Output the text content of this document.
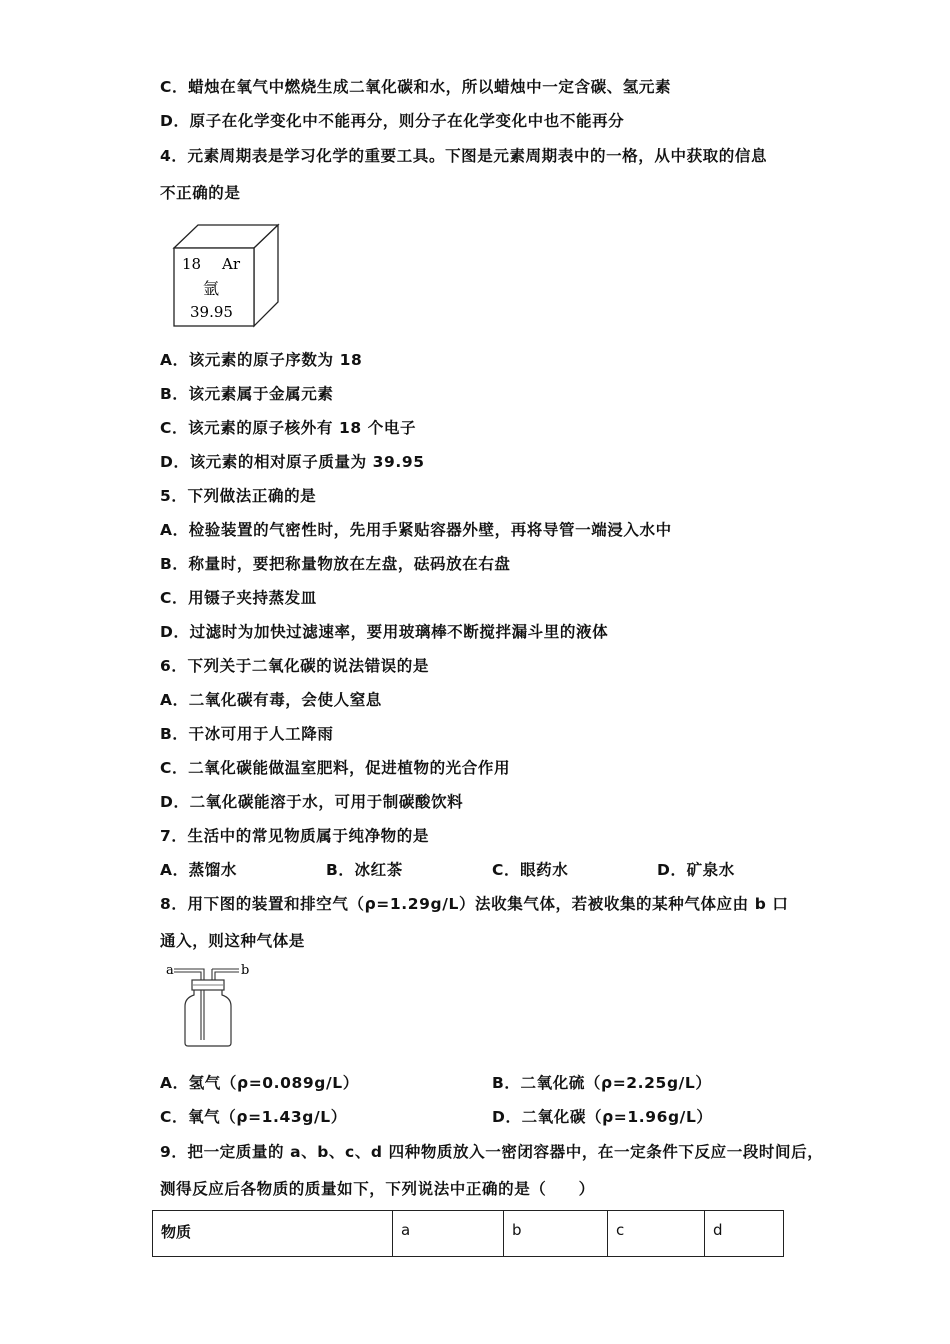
C．蜡烛在氧气中燃烧生成二氧化碳和水，所以蜡烛中一定含碳、氢元素
D．原子在化学变化中不能再分，则分子在化学变化中也不能再分
4．元素周期表是学习化学的重要工具。下图是元素周期表中的一格，从中获取的信息
不正确的是
18 Ar
氩
39.95
A．该元素的原子序数为 18
B．该元素属于金属元素
C．该元素的原子核外有 18 个电子
D．该元素的相对原子质量为 39.95
5．下列做法正确的是
A．检验装置的气密性时，先用手紧贴容器外壁，再将导管一端浸入水中
B．称量时，要把称量物放在左盘，砝码放在右盘
C．用镊子夹持蒸发皿
D．过滤时为加快过滤速率，要用玻璃棒不断搅拌漏斗里的液体
6．下列关于二氧化碳的说法错误的是
A．二氧化碳有毒，会使人窒息
B．干冰可用于人工降雨
C．二氧化碳能做温室肥料，促进植物的光合作用
D．二氧化碳能溶于水，可用于制碳酸饮料
7．生活中的常见物质属于纯净物的是
A．蒸馏水	B．冰红茶	C．眼药水	D．矿泉水
8．用下图的装置和排空气（ρ=1.29g/L）法收集气体，若被收集的某种气体应由 b 口
通入，则这种气体是
a	b
A．氢气（ρ=0.089g/L）	B．二氧化硫（ρ=2.25g/L）
C．氧气（ρ=1.43g/L）	D．二氧化碳（ρ=1.96g/L）
9．把一定质量的 a、b、c、d 四种物质放入一密闭容器中，在一定条件下反应一段时间后，
测得反应后各物质的质量如下，下列说法中正确的是（　　）
物质	a	b	c	d
